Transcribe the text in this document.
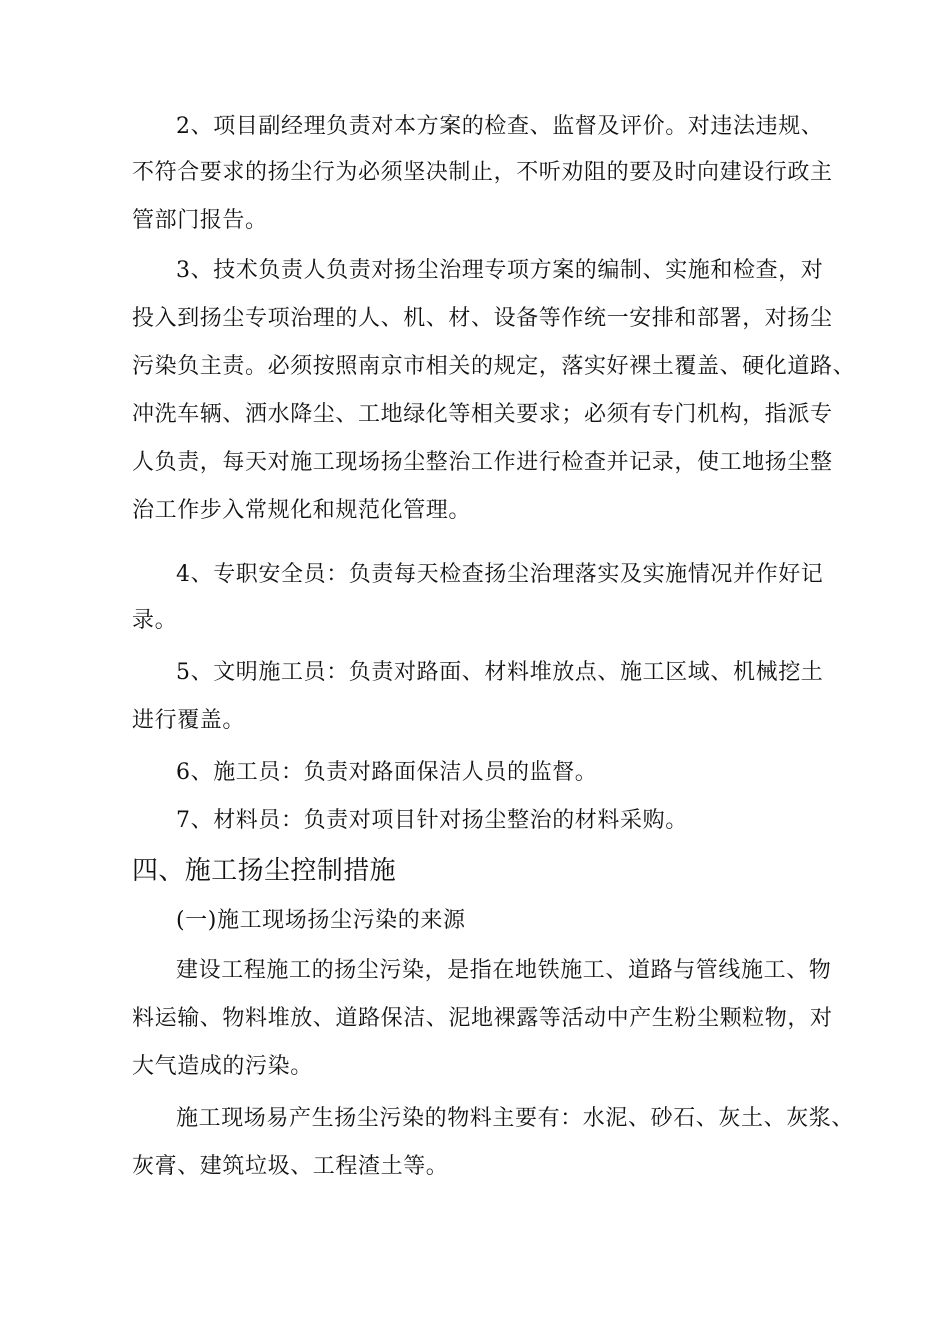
2、项目副经理负责对本方案的检查、监督及评价。对违法违规、
不符合要求的扬尘行为必须坚决制止，不听劝阻的要及时向建设行政主
管部门报告。
3、技术负责人负责对扬尘治理专项方案的编制、实施和检查，对
投入到扬尘专项治理的人、机、材、设备等作统一安排和部署，对扬尘
污染负主责。必须按照南京市相关的规定，落实好裸土覆盖、硬化道路、
冲洗车辆、洒水降尘、工地绿化等相关要求；必须有专门机构，指派专
人负责，每天对施工现场扬尘整治工作进行检查并记录，使工地扬尘整
治工作步入常规化和规范化管理。
4、专职安全员：负责每天检查扬尘治理落实及实施情况并作好记
录。
5、文明施工员：负责对路面、材料堆放点、施工区域、机械挖土
进行覆盖。
6、施工员：负责对路面保洁人员的监督。
7、材料员：负责对项目针对扬尘整治的材料采购。
四、施工扬尘控制措施
(一)施工现场扬尘污染的来源
建设工程施工的扬尘污染，是指在地铁施工、道路与管线施工、物
料运输、物料堆放、道路保洁、泥地裸露等活动中产生粉尘颗粒物，对
大气造成的污染。
施工现场易产生扬尘污染的物料主要有：水泥、砂石、灰土、灰浆、
灰膏、建筑垃圾、工程渣土等。
